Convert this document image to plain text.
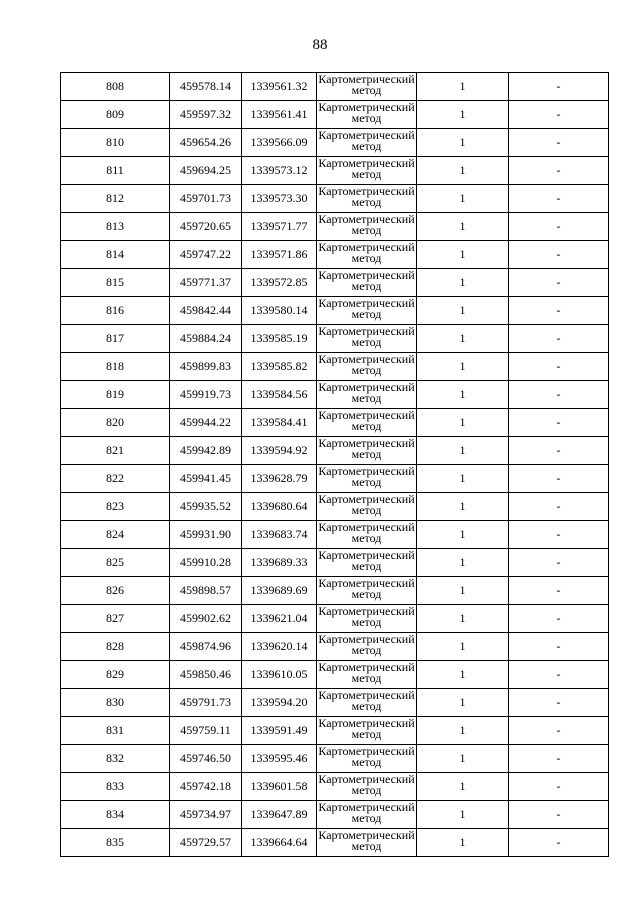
88
808	459578.14	1339561.32	Картометрический метод	1	-
809	459597.32	1339561.41	Картометрический метод	1	-
810	459654.26	1339566.09	Картометрический метод	1	-
811	459694.25	1339573.12	Картометрический метод	1	-
812	459701.73	1339573.30	Картометрический метод	1	-
813	459720.65	1339571.77	Картометрический метод	1	-
814	459747.22	1339571.86	Картометрический метод	1	-
815	459771.37	1339572.85	Картометрический метод	1	-
816	459842.44	1339580.14	Картометрический метод	1	-
817	459884.24	1339585.19	Картометрический метод	1	-
818	459899.83	1339585.82	Картометрический метод	1	-
819	459919.73	1339584.56	Картометрический метод	1	-
820	459944.22	1339584.41	Картометрический метод	1	-
821	459942.89	1339594.92	Картометрический метод	1	-
822	459941.45	1339628.79	Картометрический метод	1	-
823	459935.52	1339680.64	Картометрический метод	1	-
824	459931.90	1339683.74	Картометрический метод	1	-
825	459910.28	1339689.33	Картометрический метод	1	-
826	459898.57	1339689.69	Картометрический метод	1	-
827	459902.62	1339621.04	Картометрический метод	1	-
828	459874.96	1339620.14	Картометрический метод	1	-
829	459850.46	1339610.05	Картометрический метод	1	-
830	459791.73	1339594.20	Картометрический метод	1	-
831	459759.11	1339591.49	Картометрический метод	1	-
832	459746.50	1339595.46	Картометрический метод	1	-
833	459742.18	1339601.58	Картометрический метод	1	-
834	459734.97	1339647.89	Картометрический метод	1	-
835	459729.57	1339664.64	Картометрический метод	1	-
